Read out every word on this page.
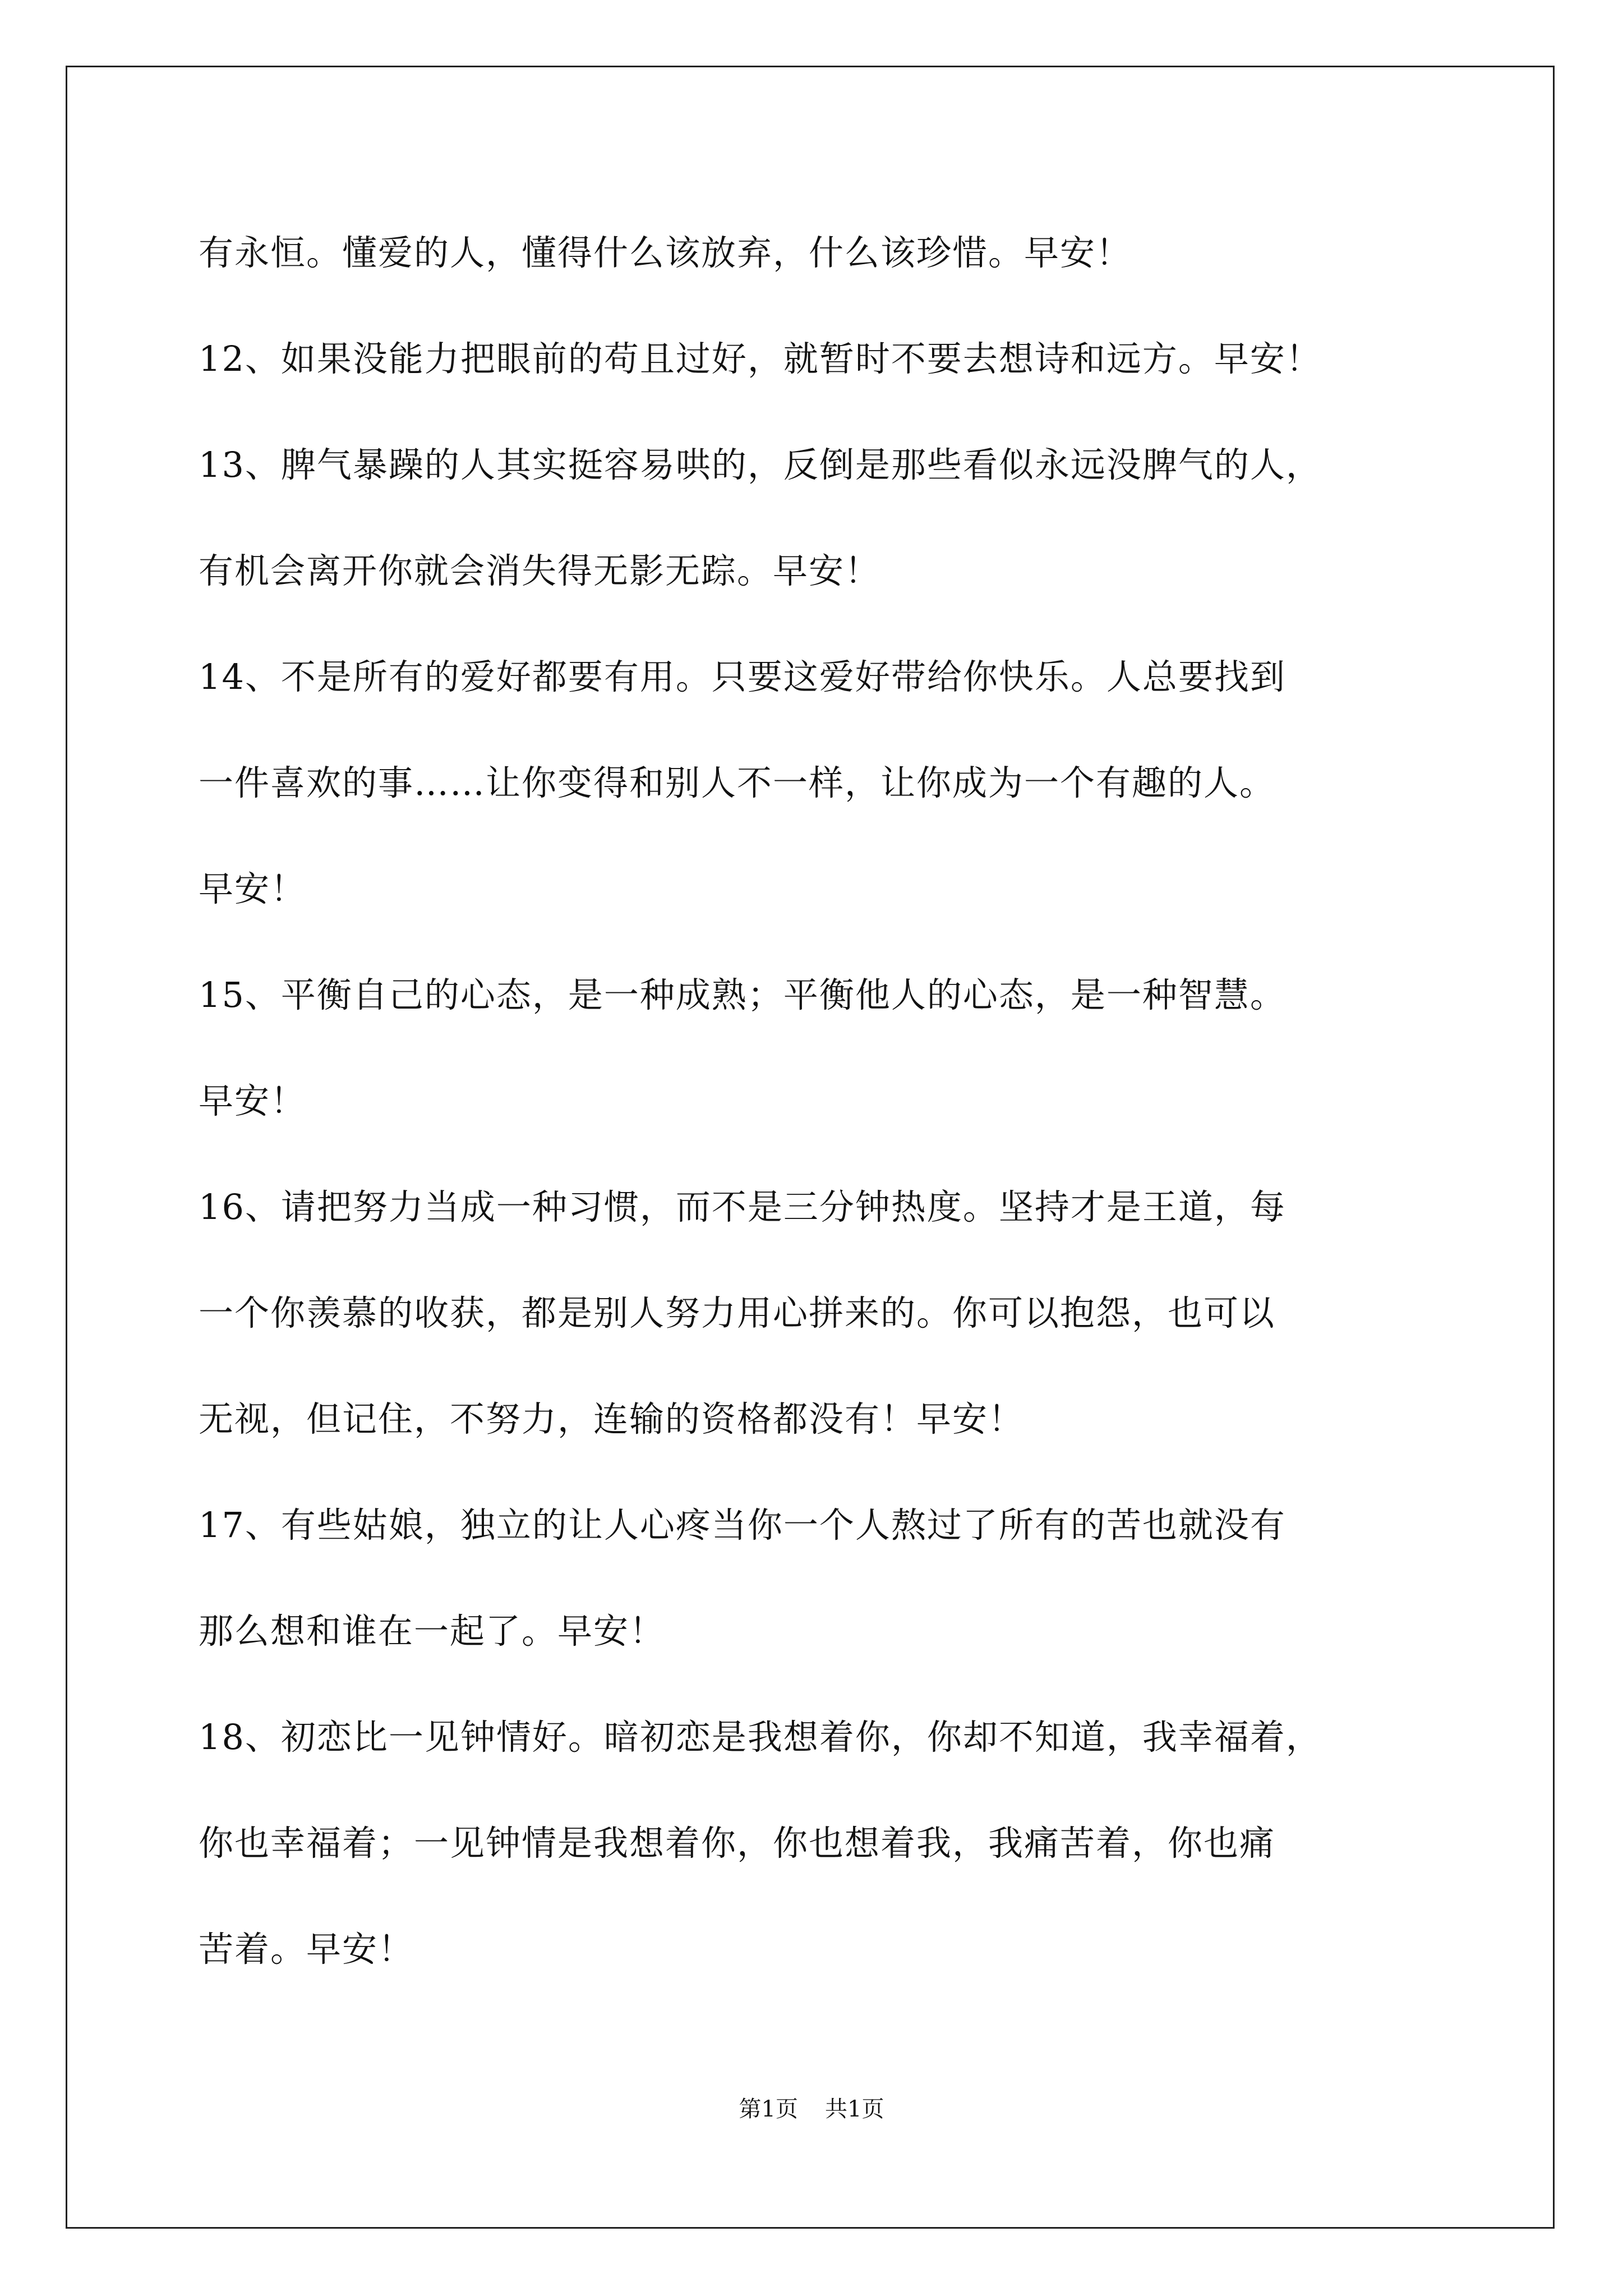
有永恒。懂爱的人，懂得什么该放弃，什么该珍惜。早安！
12、如果没能力把眼前的苟且过好，就暂时不要去想诗和远方。早安！
13、脾气暴躁的人其实挺容易哄的，反倒是那些看似永远没脾气的人，
有机会离开你就会消失得无影无踪。早安！
14、不是所有的爱好都要有用。只要这爱好带给你快乐。人总要找到
一件喜欢的事……让你变得和别人不一样，让你成为一个有趣的人。
早安！
15、平衡自己的心态，是一种成熟；平衡他人的心态，是一种智慧。
早安！
16、请把努力当成一种习惯，而不是三分钟热度。坚持才是王道，每
一个你羡慕的收获，都是别人努力用心拼来的。你可以抱怨，也可以
无视，但记住，不努力，连输的资格都没有！早安！
17、有些姑娘，独立的让人心疼当你一个人熬过了所有的苦也就没有
那么想和谁在一起了。早安！
18、初恋比一见钟情好。暗初恋是我想着你，你却不知道，我幸福着，
你也幸福着；一见钟情是我想着你，你也想着我，我痛苦着，你也痛
苦着。早安！
第1页 共1页
